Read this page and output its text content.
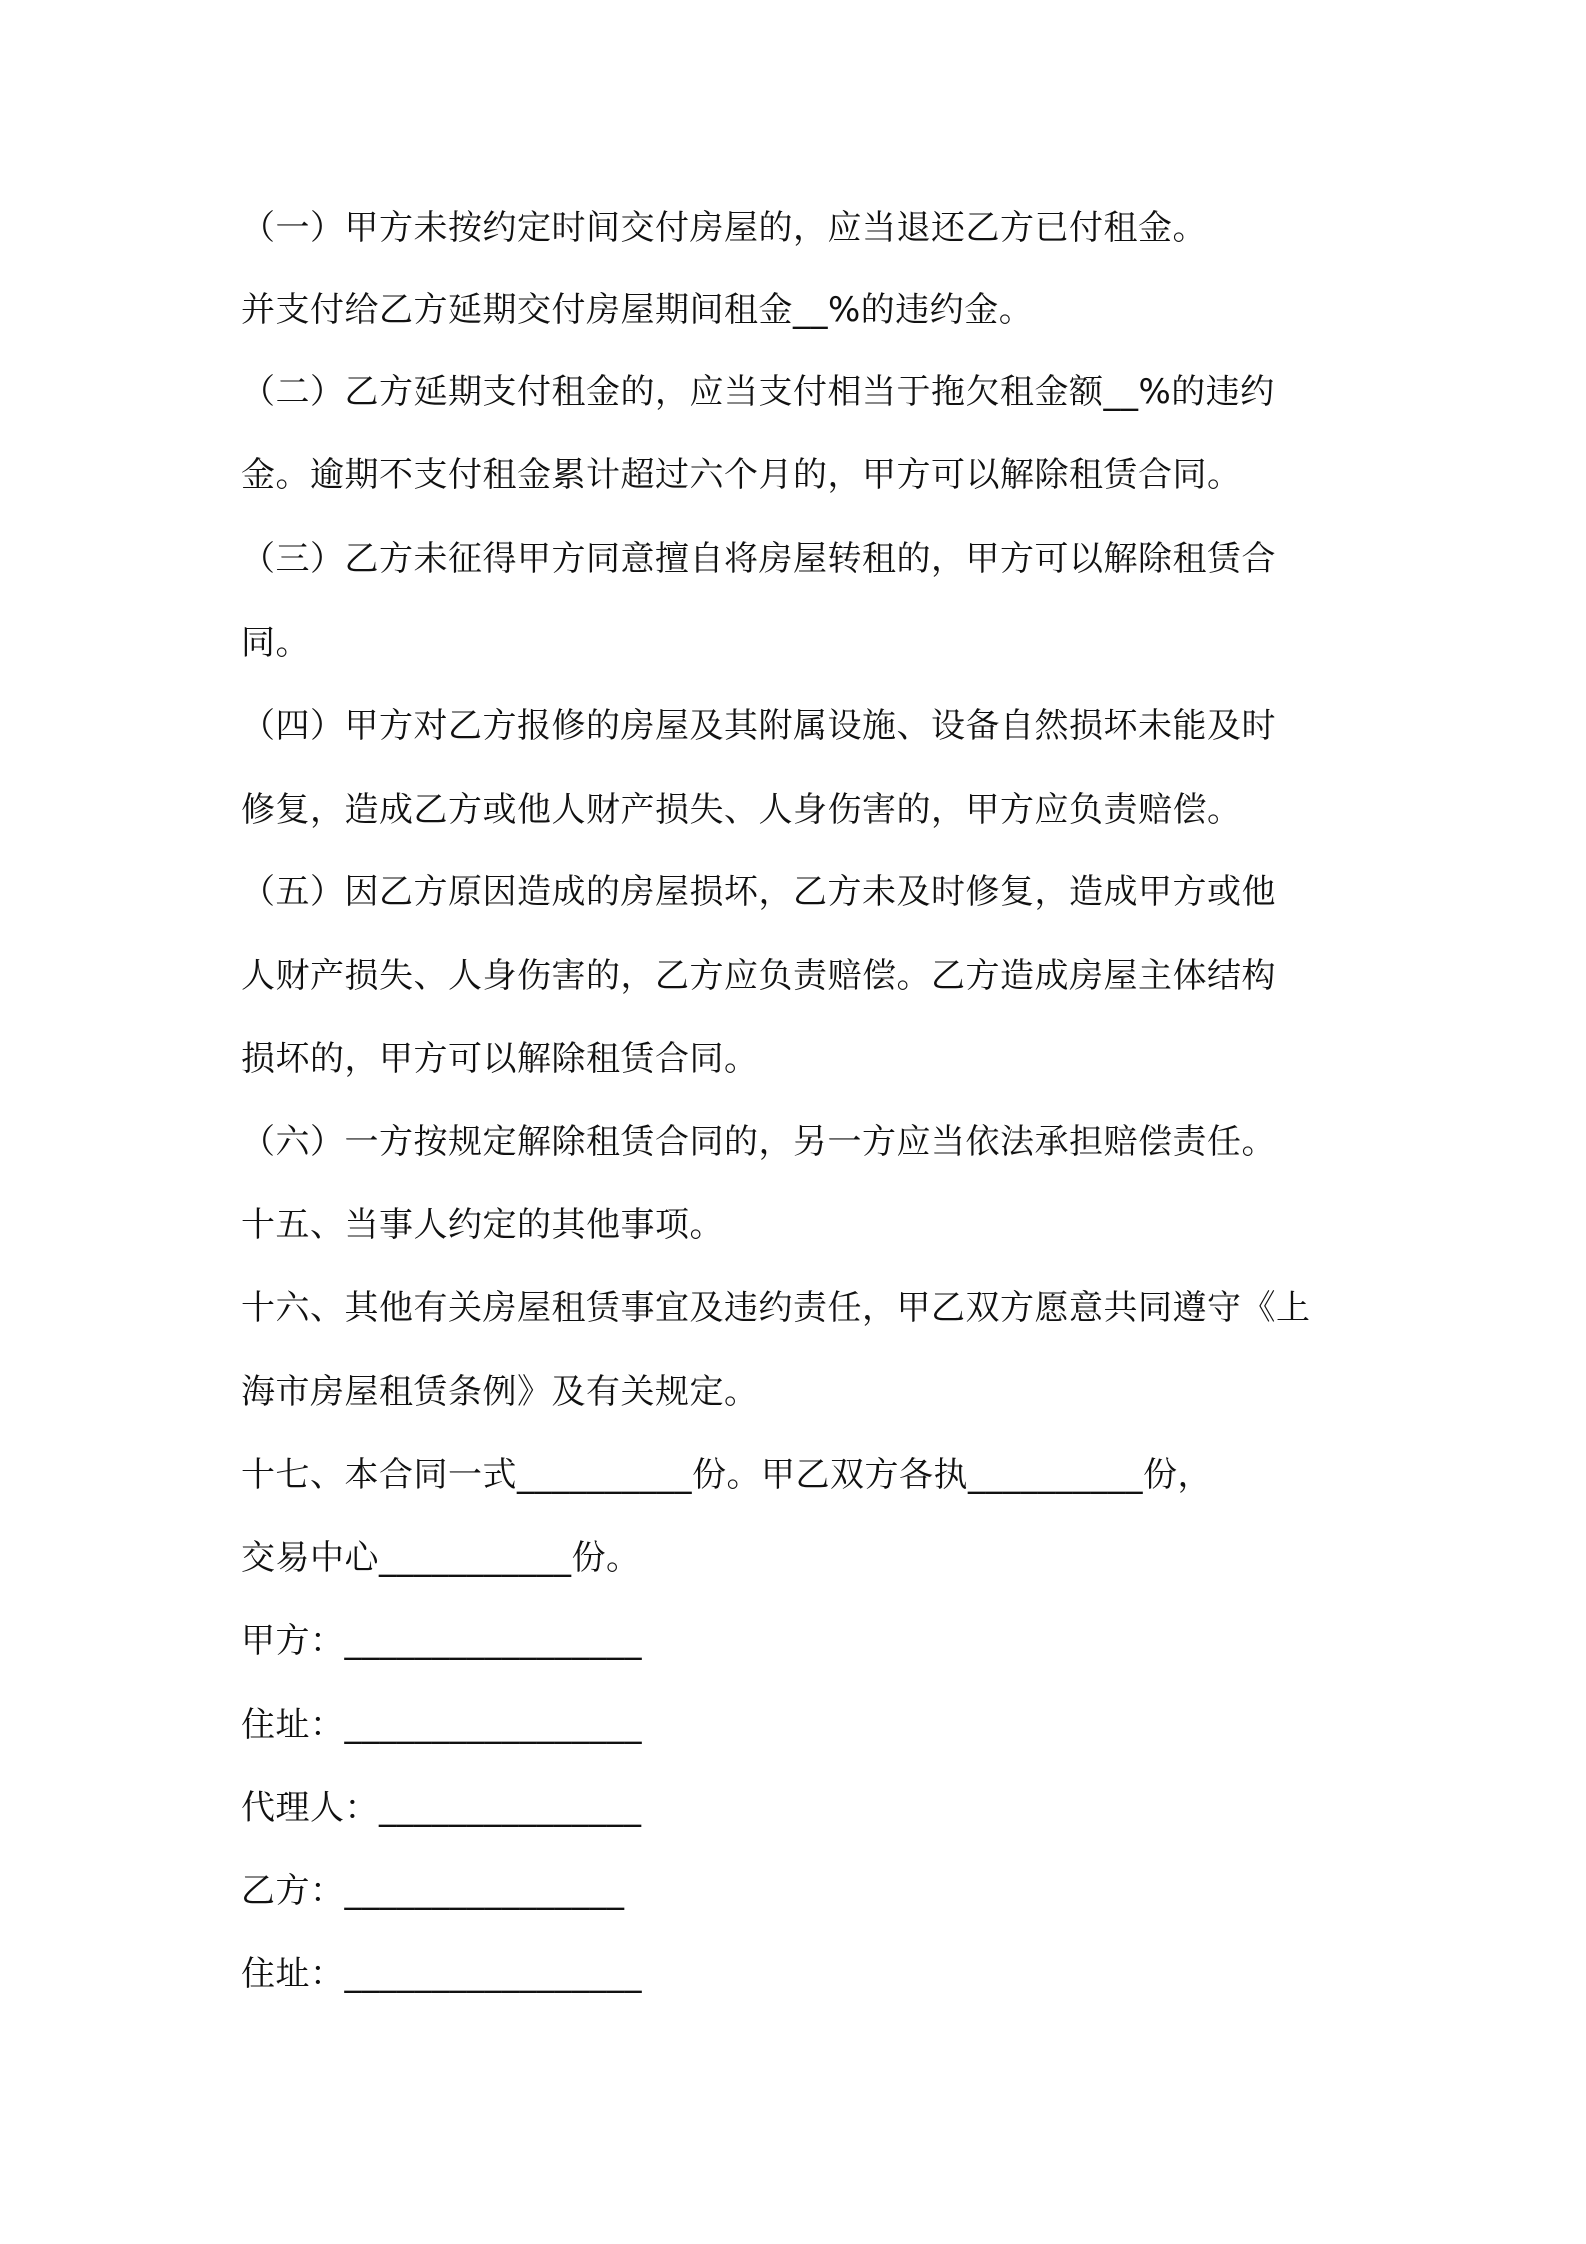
（一）甲方未按约定时间交付房屋的，应当退还乙方已付租金。
并支付给乙方延期交付房屋期间租金__%的违约金。
（二）乙方延期支付租金的，应当支付相当于拖欠租金额__%的违约
金。逾期不支付租金累计超过六个月的，甲方可以解除租赁合同。
（三）乙方未征得甲方同意擅自将房屋转租的，甲方可以解除租赁合
同。
（四）甲方对乙方报修的房屋及其附属设施、设备自然损坏未能及时
修复，造成乙方或他人财产损失、人身伤害的，甲方应负责赔偿。
（五）因乙方原因造成的房屋损坏，乙方未及时修复，造成甲方或他
人财产损失、人身伤害的，乙方应负责赔偿。乙方造成房屋主体结构
损坏的，甲方可以解除租赁合同。
（六）一方按规定解除租赁合同的，另一方应当依法承担赔偿责任。
十五、当事人约定的其他事项。
十六、其他有关房屋租赁事宜及违约责任，甲乙双方愿意共同遵守《上
海市房屋租赁条例》及有关规定。
十七、本合同一式__________份。甲乙双方各执__________份，
交易中心___________份。
甲方：_________________
住址：_________________
代理人：_______________
乙方：________________
住址：_________________
